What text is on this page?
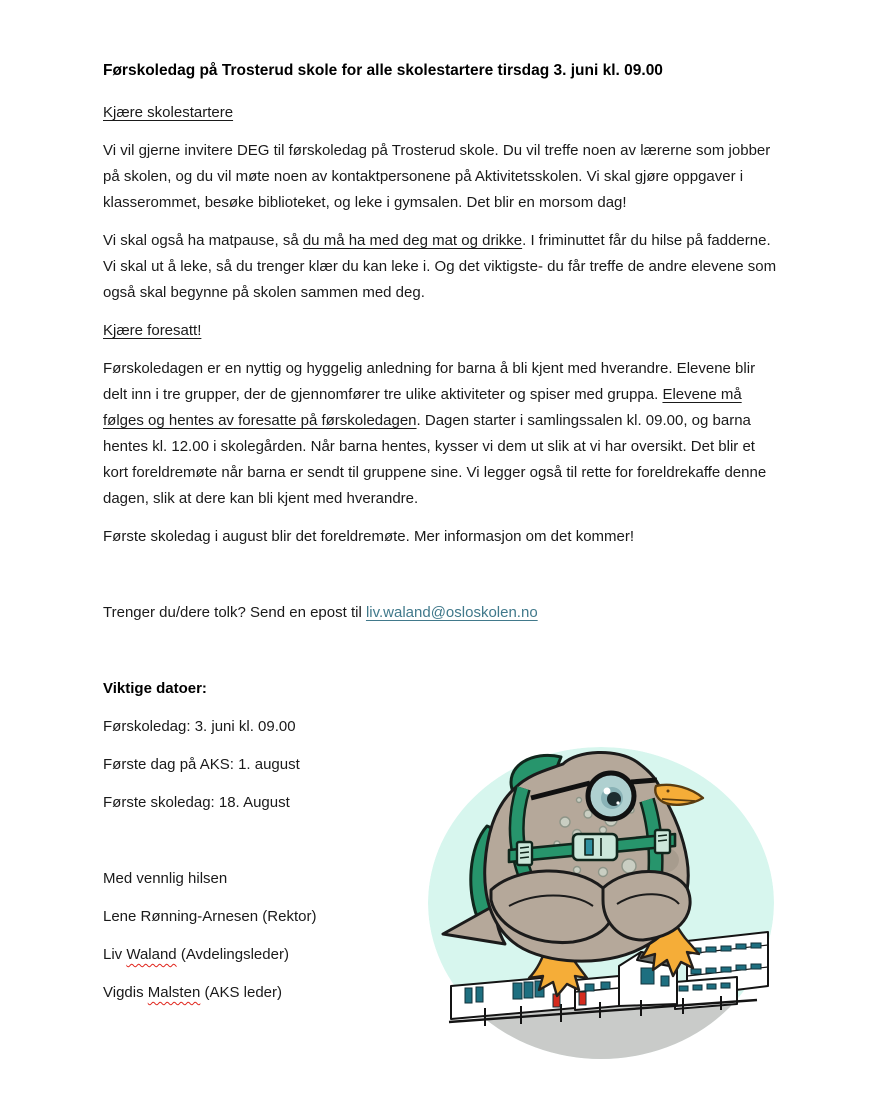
Førskoledag på Trosterud skole for alle skolestartere tirsdag 3. juni kl. 09.00

Kjære skolestartere

Vi vil gjerne invitere DEG til førskoledag på Trosterud skole. Du vil treffe noen av lærerne som jobber på skolen, og du vil møte noen av kontaktpersonene på Aktivitetsskolen. Vi skal gjøre oppgaver i klasserommet, besøke biblioteket, og leke i gymsalen. Det blir en morsom dag!

Vi skal også ha matpause, så du må ha med deg mat og drikke. I friminuttet får du hilse på fadderne. Vi skal ut å leke, så du trenger klær du kan leke i. Og det viktigste- du får treffe de andre elevene som også skal begynne på skolen sammen med deg.

Kjære foresatt!

Førskoledagen er en nyttig og hyggelig anledning for barna å bli kjent med hverandre. Elevene blir delt inn i tre grupper, der de gjennomfører tre ulike aktiviteter og spiser med gruppa. Elevene må følges og hentes av foresatte på førskoledagen. Dagen starter i samlingssalen kl. 09.00, og barna hentes kl. 12.00 i skolegården. Når barna hentes, kysser vi dem ut slik at vi har oversikt. Det blir et kort foreldremøte når barna er sendt til gruppene sine. Vi legger også til rette for foreldrekaffe denne dagen, slik at dere kan bli kjent med hverandre.

Første skoledag i august blir det foreldremøte. Mer informasjon om det kommer!

Trenger du/dere tolk? Send en epost til liv.waland@osloskolen.no

Viktige datoer:

Førskoledag: 3. juni kl. 09.00

Første dag på AKS: 1. august

Første skoledag: 18. August

Med vennlig hilsen

Lene Rønning-Arnesen (Rektor)

Liv Waland (Avdelingsleder)

Vigdis Malsten (AKS leder)
